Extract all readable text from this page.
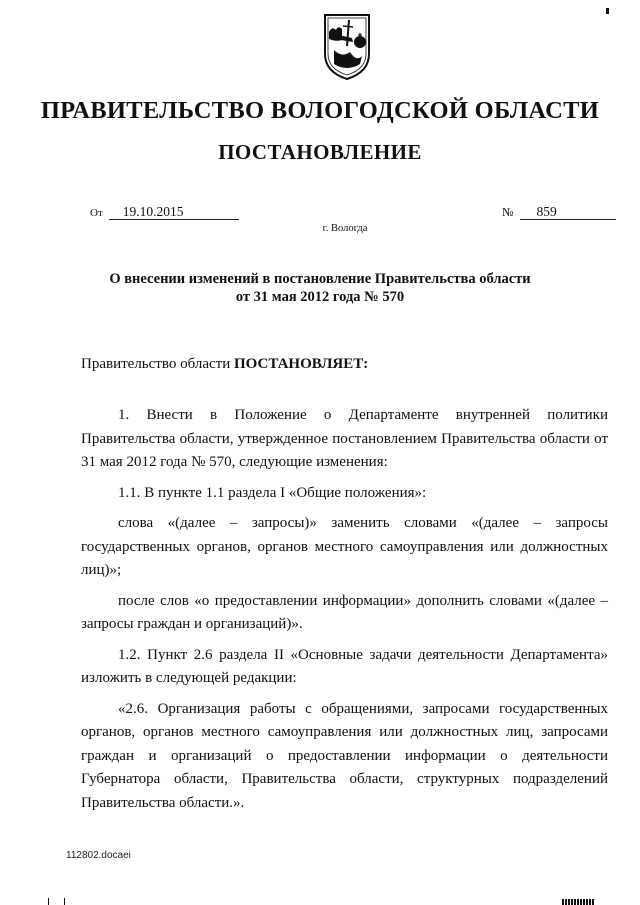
ПРАВИТЕЛЬСТВО ВОЛОГОДСКОЙ ОБЛАСТИ
ПОСТАНОВЛЕНИЕ
От 19.10.2015	№ 859
г. Вологда
О внесении изменений в постановление Правительства области
от 31 мая 2012 года № 570
Правительство области ПОСТАНОВЛЯЕТ:

1. Внести в Положение о Департаменте внутренней политики Правительства области, утвержденное постановлением Правительства области от 31 мая 2012 года № 570, следующие изменения:

1.1. В пункте 1.1 раздела I «Общие положения»:

слова «(далее – запросы)» заменить словами «(далее – запросы государственных органов, органов местного самоуправления или должностных лиц)»;

после слов «о предоставлении информации» дополнить словами «(далее – запросы граждан и организаций)».

1.2. Пункт 2.6 раздела II «Основные задачи деятельности Департамента» изложить в следующей редакции:

«2.6. Организация работы с обращениями, запросами государственных органов, органов местного самоуправления или должностных лиц, запросами граждан и организаций о предоставлении информации о деятельности Губернатора области, Правительства области, структурных подразделений Правительства области.».

112802.docaei
